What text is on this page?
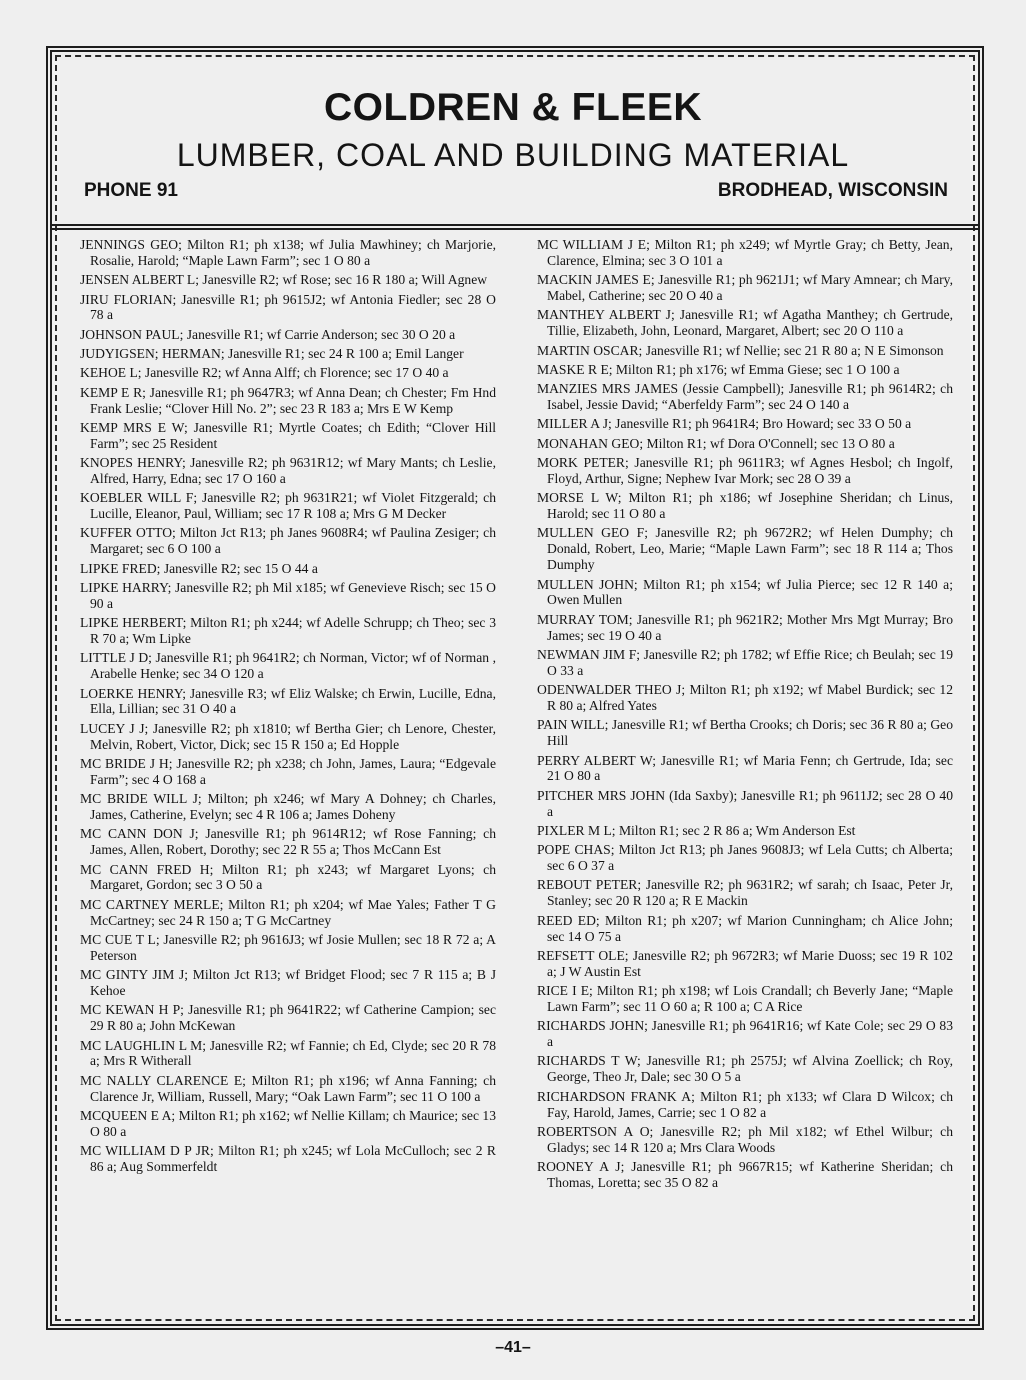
COLDREN & FLEEK
LUMBER, COAL AND BUILDING MATERIAL
PHONE 91	BRODHEAD, WISCONSIN

JENNINGS GEO; Milton R1; ph x138; wf Julia Mawhiney; ch Marjorie, Rosalie, Harold; “Maple Lawn Farm”; sec 1 O 80 a

JENSEN ALBERT L; Janesville R2; wf Rose; sec 16 R 180 a; Will Agnew

JIRU FLORIAN; Janesville R1; ph 9615J2; wf Antonia Fiedler; sec 28 O 78 a

JOHNSON PAUL; Janesville R1; wf Carrie Anderson; sec 30 O 20 a

JUDYIGSEN; HERMAN; Janesville R1; sec 24 R 100 a; Emil Langer

KEHOE L; Janesville R2; wf Anna Alff; ch Florence; sec 17 O 40 a

KEMP E R; Janesville R1; ph 9647R3; wf Anna Dean; ch Chester; Fm Hnd Frank Leslie; “Clover Hill No. 2”; sec 23 R 183 a; Mrs E W Kemp

KEMP MRS E W; Janesville R1; Myrtle Coates; ch Edith; “Clover Hill Farm”; sec 25 Resident

KNOPES HENRY; Janesville R2; ph 9631R12; wf Mary Mants; ch Leslie, Alfred, Harry, Edna; sec 17 O 160 a

KOEBLER WILL F; Janesville R2; ph 9631R21; wf Violet Fitzgerald; ch Lucille, Eleanor, Paul, William; sec 17 R 108 a; Mrs G M Decker

KUFFER OTTO; Milton Jct R13; ph Janes 9608R4; wf Paulina Zesiger; ch Margaret; sec 6 O 100 a

LIPKE FRED; Janesville R2; sec 15 O 44 a

LIPKE HARRY; Janesville R2; ph Mil x185; wf Genevieve Risch; sec 15 O 90 a

LIPKE HERBERT; Milton R1; ph x244; wf Adelle Schrupp; ch Theo; sec 3 R 70 a; Wm Lipke

LITTLE J D; Janesville R1; ph 9641R2; ch Norman, Victor; wf of Norman , Arabelle Henke; sec 34 O 120 a

LOERKE HENRY; Janesville R3; wf Eliz Walske; ch Erwin, Lucille, Edna, Ella, Lillian; sec 31 O 40 a

LUCEY J J; Janesville R2; ph x1810; wf Bertha Gier; ch Lenore, Chester, Melvin, Robert, Victor, Dick; sec 15 R 150 a; Ed Hopple

MC BRIDE J H; Janesville R2; ph x238; ch John, James, Laura; “Edgevale Farm”; sec 4 O 168 a

MC BRIDE WILL J; Milton; ph x246; wf Mary A Dohney; ch Charles, James, Catherine, Evelyn; sec 4 R 106 a; James Doheny

MC CANN DON J; Janesville R1; ph 9614R12; wf Rose Fanning; ch James, Allen, Robert, Dorothy; sec 22 R 55 a; Thos McCann Est

MC CANN FRED H; Milton R1; ph x243; wf Margaret Lyons; ch Margaret, Gordon; sec 3 O 50 a

MC CARTNEY MERLE; Milton R1; ph x204; wf Mae Yales; Father T G McCartney; sec 24 R 150 a; T G McCartney

MC CUE T L; Janesville R2; ph 9616J3; wf Josie Mullen; sec 18 R 72 a; A Peterson

MC GINTY JIM J; Milton Jct R13; wf Bridget Flood; sec 7 R 115 a; B J Kehoe

MC KEWAN H P; Janesville R1; ph 9641R22; wf Catherine Campion; sec 29 R 80 a; John McKewan

MC LAUGHLIN L M; Janesville R2; wf Fannie; ch Ed, Clyde; sec 20 R 78 a; Mrs R Witherall

MC NALLY CLARENCE E; Milton R1; ph x196; wf Anna Fanning; ch Clarence Jr, William, Russell, Mary; “Oak Lawn Farm”; sec 11 O 100 a

MCQUEEN E A; Milton R1; ph x162; wf Nellie Killam; ch Maurice; sec 13 O 80 a

MC WILLIAM D P JR; Milton R1; ph x245; wf Lola McCulloch; sec 2 R 86 a; Aug Sommerfeldt

MC WILLIAM J E; Milton R1; ph x249; wf Myrtle Gray; ch Betty, Jean, Clarence, Elmina; sec 3 O 101 a

MACKIN JAMES E; Janesville R1; ph 9621J1; wf Mary Amnear; ch Mary, Mabel, Catherine; sec 20 O 40 a

MANTHEY ALBERT J; Janesville R1; wf Agatha Manthey; ch Gertrude, Tillie, Elizabeth, John, Leonard, Margaret, Albert; sec 20 O 110 a

MARTIN OSCAR; Janesville R1; wf Nellie; sec 21 R 80 a; N E Simonson

MASKE R E; Milton R1; ph x176; wf Emma Giese; sec 1 O 100 a

MANZIES MRS JAMES (Jessie Campbell); Janesville R1; ph 9614R2; ch Isabel, Jessie David; “Aberfeldy Farm”; sec 24 O 140 a

MILLER A J; Janesville R1; ph 9641R4; Bro Howard; sec 33 O 50 a

MONAHAN GEO; Milton R1; wf Dora O'Connell; sec 13 O 80 a

MORK PETER; Janesville R1; ph 9611R3; wf Agnes Hesbol; ch Ingolf, Floyd, Arthur, Signe; Nephew Ivar Mork; sec 28 O 39 a

MORSE L W; Milton R1; ph x186; wf Josephine Sheridan; ch Linus, Harold; sec 11 O 80 a

MULLEN GEO F; Janesville R2; ph 9672R2; wf Helen Dumphy; ch Donald, Robert, Leo, Marie; “Maple Lawn Farm”; sec 18 R 114 a; Thos Dumphy

MULLEN JOHN; Milton R1; ph x154; wf Julia Pierce; sec 12 R 140 a; Owen Mullen

MURRAY TOM; Janesville R1; ph 9621R2; Mother Mrs Mgt Murray; Bro James; sec 19 O 40 a

NEWMAN JIM F; Janesville R2; ph 1782; wf Effie Rice; ch Beulah; sec 19 O 33 a

ODENWALDER THEO J; Milton R1; ph x192; wf Mabel Burdick; sec 12 R 80 a; Alfred Yates

PAIN WILL; Janesville R1; wf Bertha Crooks; ch Doris; sec 36 R 80 a; Geo Hill

PERRY ALBERT W; Janesville R1; wf Maria Fenn; ch Gertrude, Ida; sec 21 O 80 a

PITCHER MRS JOHN (Ida Saxby); Janesville R1; ph 9611J2; sec 28 O 40 a

PIXLER M L; Milton R1; sec 2 R 86 a; Wm Anderson Est

POPE CHAS; Milton Jct R13; ph Janes 9608J3; wf Lela Cutts; ch Alberta; sec 6 O 37 a

REBOUT PETER; Janesville R2; ph 9631R2; wf sarah; ch Isaac, Peter Jr, Stanley; sec 20 R 120 a; R E Mackin

REED ED; Milton R1; ph x207; wf Marion Cunningham; ch Alice John; sec 14 O 75 a

REFSETT OLE; Janesville R2; ph 9672R3; wf Marie Duoss; sec 19 R 102 a; J W Austin Est

RICE I E; Milton R1; ph x198; wf Lois Crandall; ch Beverly Jane; “Maple Lawn Farm”; sec 11 O 60 a; R 100 a; C A Rice

RICHARDS JOHN; Janesville R1; ph 9641R16; wf Kate Cole; sec 29 O 83 a

RICHARDS T W; Janesville R1; ph 2575J; wf Alvina Zoellick; ch Roy, George, Theo Jr, Dale; sec 30 O 5 a

RICHARDSON FRANK A; Milton R1; ph x133; wf Clara D Wilcox; ch Fay, Harold, James, Carrie; sec 1 O 82 a

ROBERTSON A O; Janesville R2; ph Mil x182; wf Ethel Wilbur; ch Gladys; sec 14 R 120 a; Mrs Clara Woods

ROONEY A J; Janesville R1; ph 9667R15; wf Katherine Sheridan; ch Thomas, Loretta; sec 35 O 82 a

–41–
